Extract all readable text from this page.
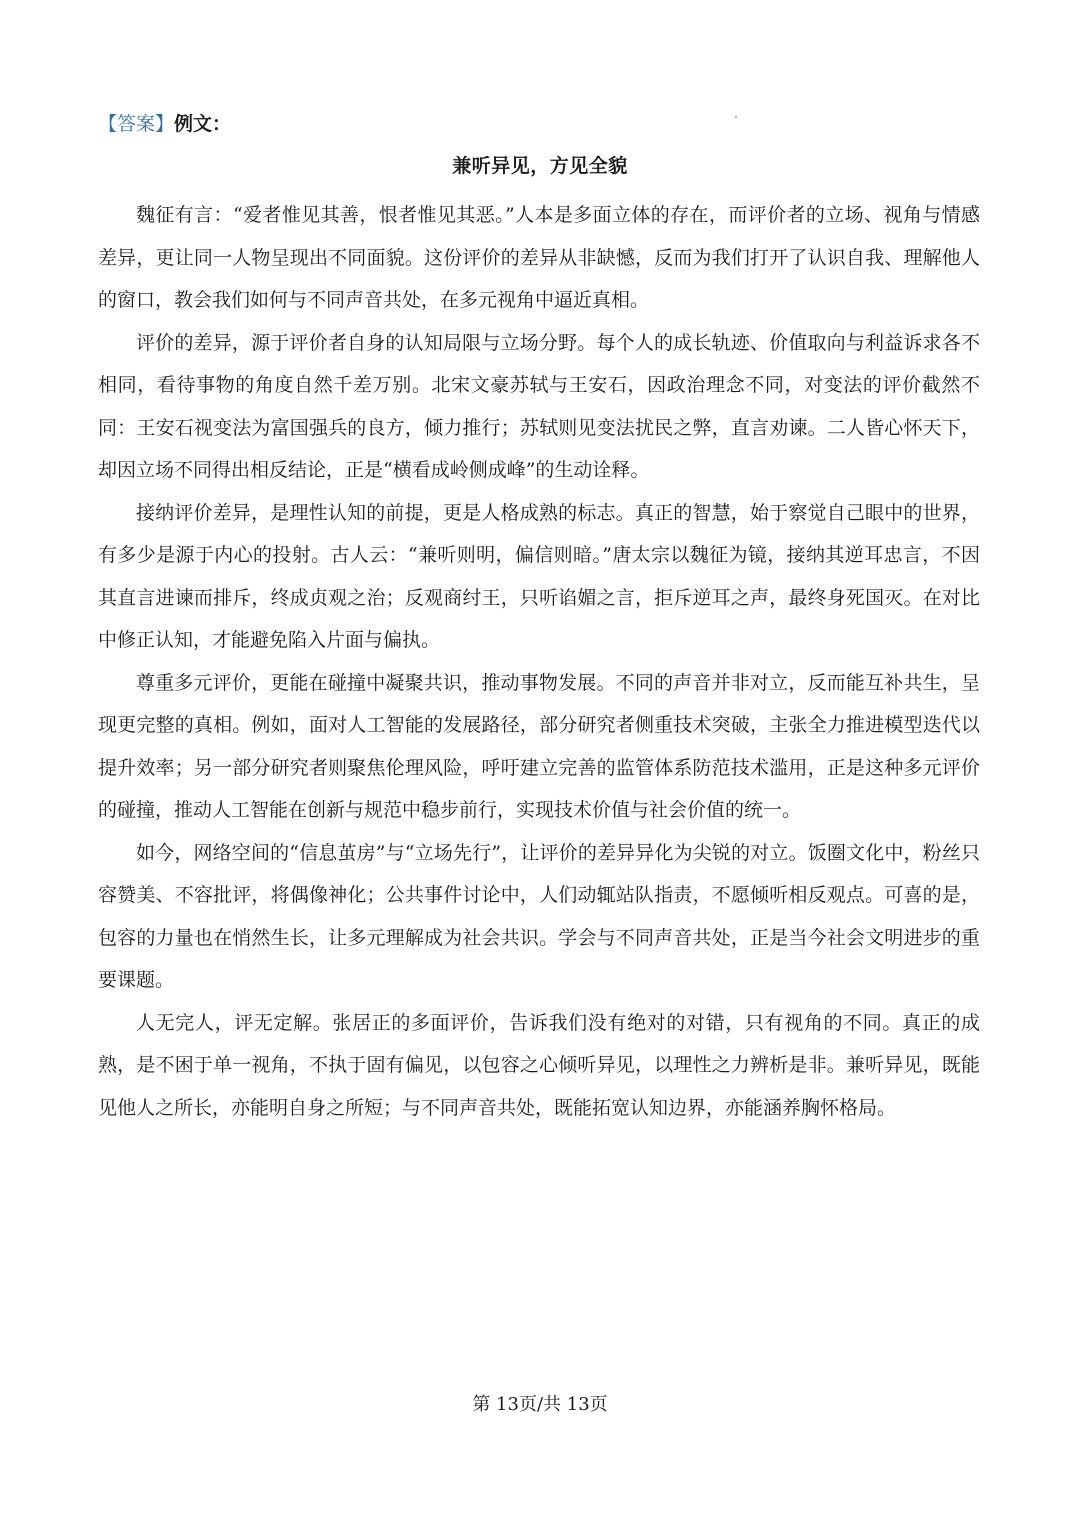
【答案】例文：
兼听异见，方见全貌

魏征有言：“爱者惟见其善，恨者惟见其恶。”人本是多面立体的存在，而评价者的立场、视角与情感差异，更让同一人物呈现出不同面貌。这份评价的差异从非缺憾，反而为我们打开了认识自我、理解他人的窗口，教会我们如何与不同声音共处，在多元视角中逼近真相。

评价的差异，源于评价者自身的认知局限与立场分野。每个人的成长轨迹、价值取向与利益诉求各不相同，看待事物的角度自然千差万别。北宋文豪苏轼与王安石，因政治理念不同，对变法的评价截然不同：王安石视变法为富国强兵的良方，倾力推行；苏轼则见变法扰民之弊，直言劝谏。二人皆心怀天下，却因立场不同得出相反结论，正是“横看成岭侧成峰”的生动诠释。

接纳评价差异，是理性认知的前提，更是人格成熟的标志。真正的智慧，始于察觉自己眼中的世界，有多少是源于内心的投射。古人云：“兼听则明，偏信则暗。”唐太宗以魏征为镜，接纳其逆耳忠言，不因其直言进谏而排斥，终成贞观之治；反观商纣王，只听谄媚之言，拒斥逆耳之声，最终身死国灭。在对比中修正认知，才能避免陷入片面与偏执。

尊重多元评价，更能在碰撞中凝聚共识，推动事物发展。不同的声音并非对立，反而能互补共生，呈现更完整的真相。例如，面对人工智能的发展路径，部分研究者侧重技术突破，主张全力推进模型迭代以提升效率；另一部分研究者则聚焦伦理风险，呼吁建立完善的监管体系防范技术滥用，正是这种多元评价的碰撞，推动人工智能在创新与规范中稳步前行，实现技术价值与社会价值的统一。

如今，网络空间的“信息茧房”与“立场先行”，让评价的差异异化为尖锐的对立。饭圈文化中，粉丝只容赞美、不容批评，将偶像神化；公共事件讨论中，人们动辄站队指责，不愿倾听相反观点。可喜的是，包容的力量也在悄然生长，让多元理解成为社会共识。学会与不同声音共处，正是当今社会文明进步的重要课题。

人无完人，评无定解。张居正的多面评价，告诉我们没有绝对的对错，只有视角的不同。真正的成熟，是不困于单一视角，不执于固有偏见，以包容之心倾听异见，以理性之力辨析是非。兼听异见，既能见他人之所长，亦能明自身之所短；与不同声音共处，既能拓宽认知边界，亦能涵养胸怀格局。

第 13页/共 13页
